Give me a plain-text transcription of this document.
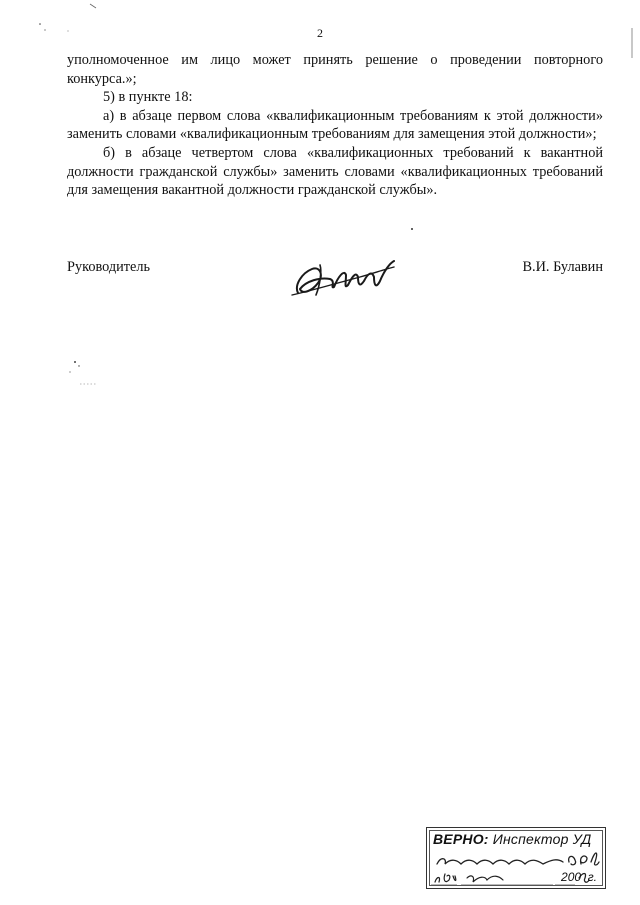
2

уполномоченное им лицо может принять решение о проведении повторного конкурса.»;

5) в пункте 18:

а) в абзаце первом слова «квалификационным требованиям к этой должности» заменить словами «квалификационным требованиям для замещения этой должности»;

б) в абзаце четвертом слова «квалификационных требований к вакантной должности гражданской службы» заменить словами «квалификационных требований для замещения вакантной должности гражданской службы».

Руководитель	В.И. Булавин
ВЕРНО: Инспектор УД
200 г.
